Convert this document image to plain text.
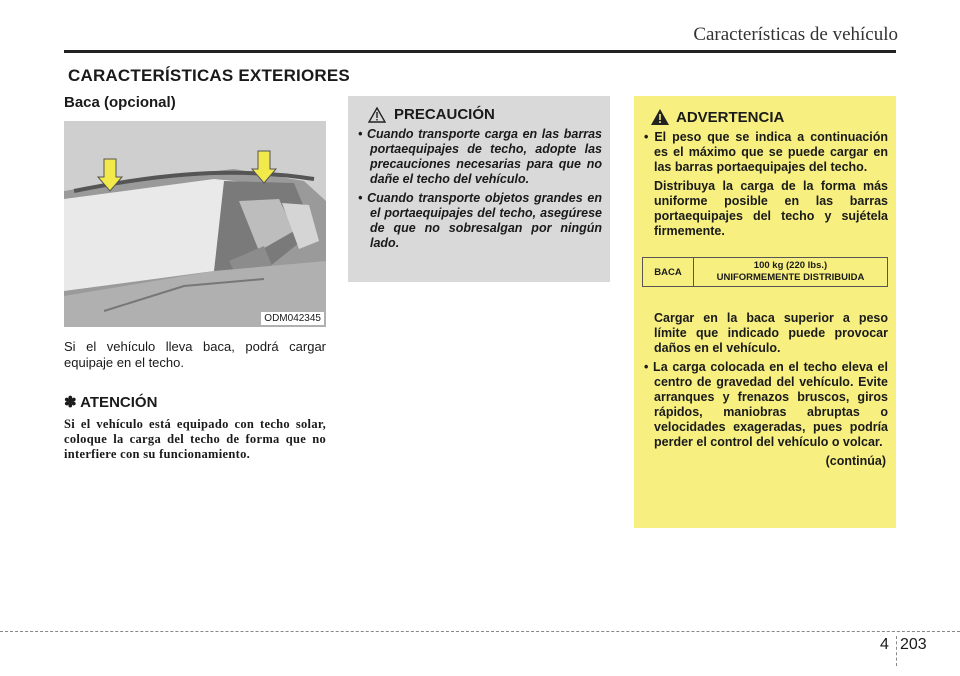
Características de vehículo
CARACTERÍSTICAS EXTERIORES
Baca (opcional)
ODM042345
Si el vehículo lleva baca, podrá cargar equipaje en el techo.
✽ ATENCIÓN
Si el vehículo está equipado con techo solar, coloque la carga del techo de forma que no interfiere con su funcionamiento.
PRECAUCIÓN
• Cuando transporte carga en las barras portaequipajes de techo, adopte las precauciones necesarias para que no dañe el techo del vehículo.
• Cuando transporte objetos grandes en el portaequipajes del techo, asegúrese de que no sobresalgan por ningún lado.
ADVERTENCIA
• El peso que se indica a continuación es el máximo que se puede cargar en las barras portaequipajes del techo.
Distribuya la carga de la forma más uniforme posible en las barras portaequipajes del techo y sujétela firmemente.
BACA
100 kg (220 lbs.)
UNIFORMEMENTE DISTRIBUIDA
Cargar en la baca superior a peso límite que indicado puede provocar daños en el vehículo.
• La carga colocada en el techo eleva el centro de gravedad del vehículo. Evite arranques y frenazos bruscos, giros rápidos, maniobras abruptas o velocidades exageradas, pues podría perder el control del vehículo o volcar.
(continúa)
4 203
